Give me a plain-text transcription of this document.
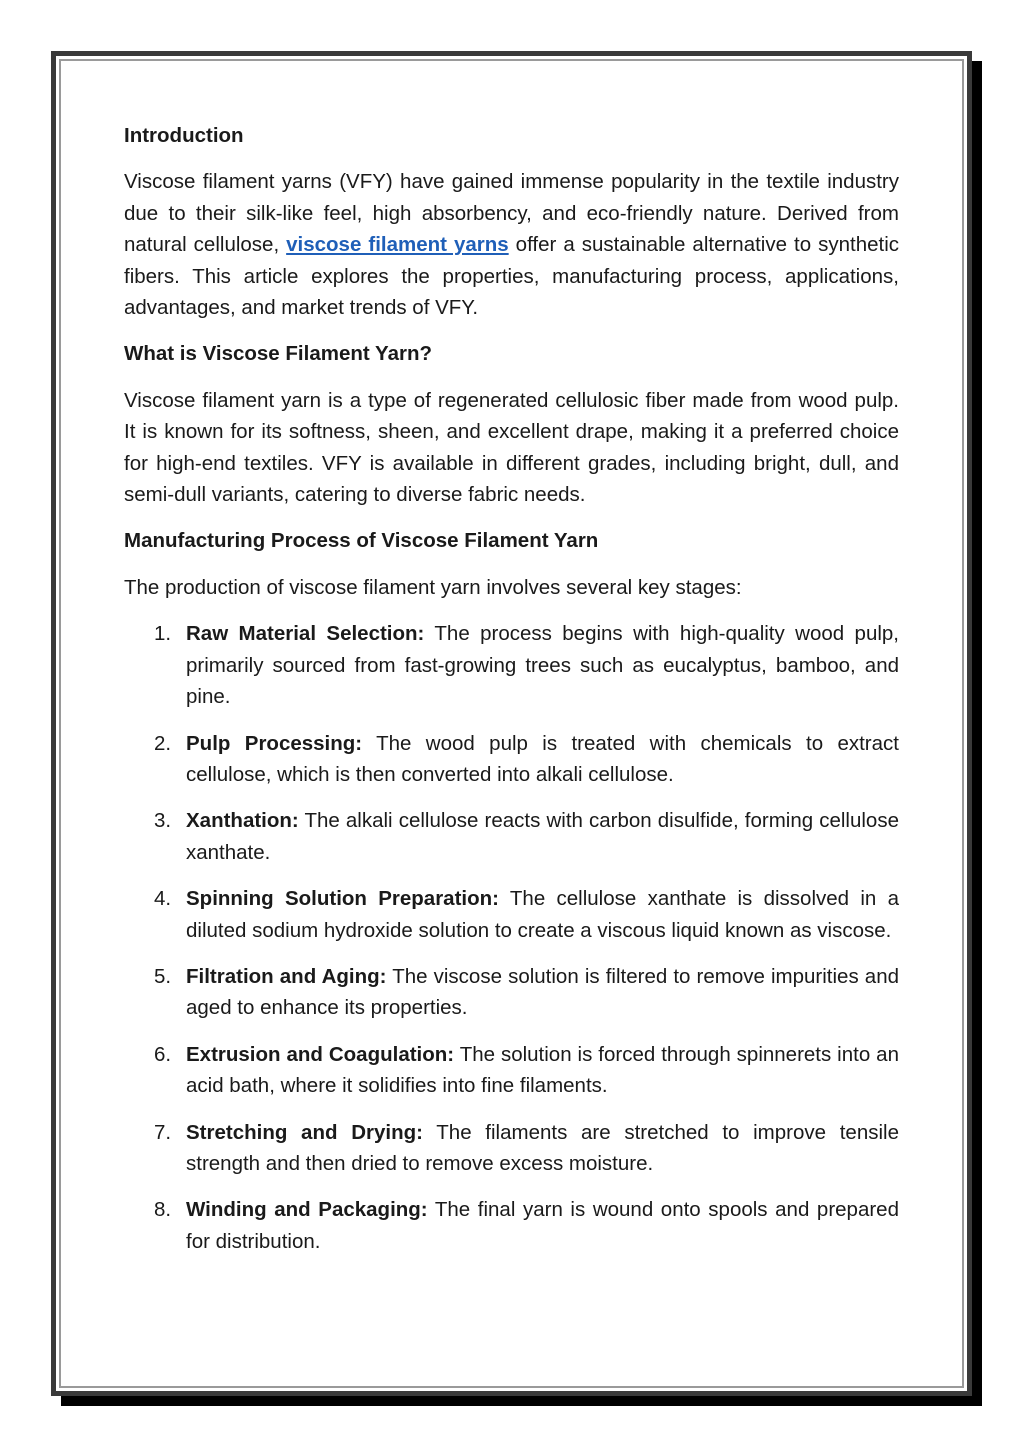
Introduction

Viscose filament yarns (VFY) have gained immense popularity in the textile industry due to their silk-like feel, high absorbency, and eco-friendly nature. Derived from natural cellulose, viscose filament yarns offer a sustainable alternative to synthetic fibers. This article explores the properties, manufacturing process, applications, advantages, and market trends of VFY.

What is Viscose Filament Yarn?

Viscose filament yarn is a type of regenerated cellulosic fiber made from wood pulp. It is known for its softness, sheen, and excellent drape, making it a preferred choice for high-end textiles. VFY is available in different grades, including bright, dull, and semi-dull variants, catering to diverse fabric needs.

Manufacturing Process of Viscose Filament Yarn

The production of viscose filament yarn involves several key stages:

1. Raw Material Selection: The process begins with high-quality wood pulp, primarily sourced from fast-growing trees such as eucalyptus, bamboo, and pine.
2. Pulp Processing: The wood pulp is treated with chemicals to extract cellulose, which is then converted into alkali cellulose.
3. Xanthation: The alkali cellulose reacts with carbon disulfide, forming cellulose xanthate.
4. Spinning Solution Preparation: The cellulose xanthate is dissolved in a diluted sodium hydroxide solution to create a viscous liquid known as viscose.
5. Filtration and Aging: The viscose solution is filtered to remove impurities and aged to enhance its properties.
6. Extrusion and Coagulation: The solution is forced through spinnerets into an acid bath, where it solidifies into fine filaments.
7. Stretching and Drying: The filaments are stretched to improve tensile strength and then dried to remove excess moisture.
8. Winding and Packaging: The final yarn is wound onto spools and prepared for distribution.
